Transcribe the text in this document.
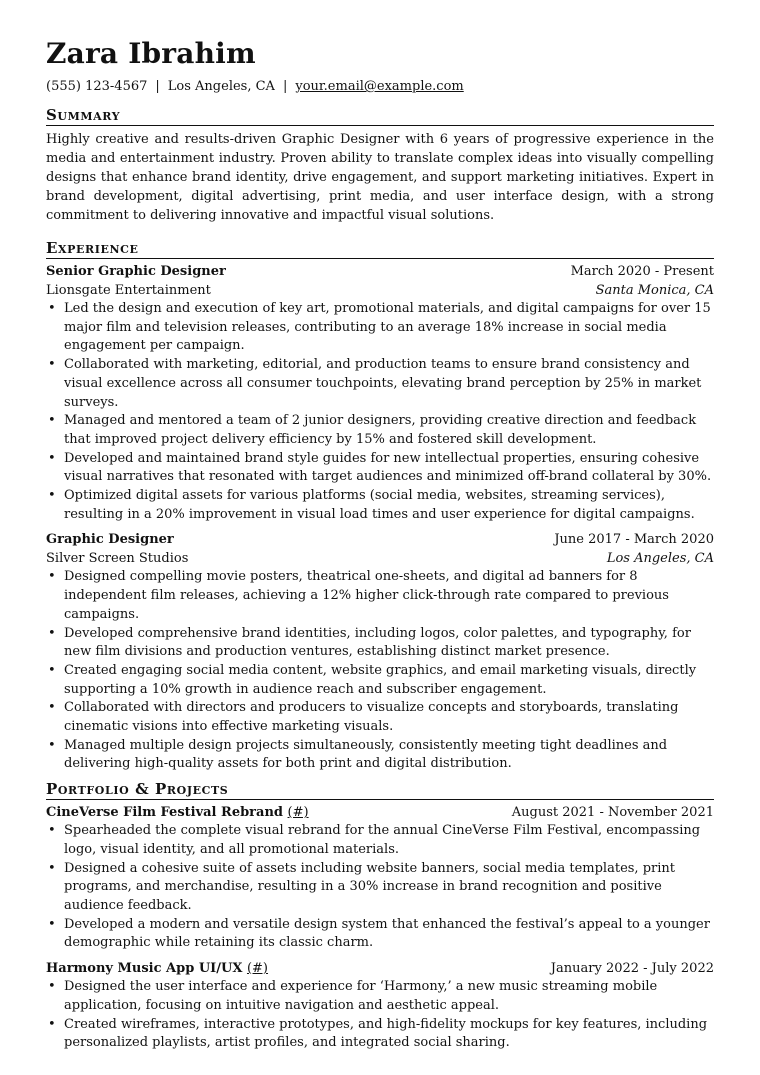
Zara Ibrahim
(555) 123-4567 | Los Angeles, CA | your.email@example.com
Summary
Highly creative and results-driven Graphic Designer with 6 years of progressive experience in the media and entertainment industry. Proven ability to translate complex ideas into visually compelling designs that enhance brand identity, drive engagement, and support marketing initiatives. Expert in brand development, digital advertising, print media, and user interface design, with a strong commitment to delivering innovative and impactful visual solutions.
Experience
Senior Graphic Designer	March 2020 - Present
Lionsgate Entertainment	Santa Monica, CA
• Led the design and execution of key art, promotional materials, and digital campaigns for over 15 major film and television releases, contributing to an average 18% increase in social media engagement per campaign.
• Collaborated with marketing, editorial, and production teams to ensure brand consistency and visual excellence across all consumer touchpoints, elevating brand perception by 25% in market surveys.
• Managed and mentored a team of 2 junior designers, providing creative direction and feedback that improved project delivery efficiency by 15% and fostered skill development.
• Developed and maintained brand style guides for new intellectual properties, ensuring cohesive visual narratives that resonated with target audiences and minimized off-brand collateral by 30%.
• Optimized digital assets for various platforms (social media, websites, streaming services), resulting in a 20% improvement in visual load times and user experience for digital campaigns.
Graphic Designer	June 2017 - March 2020
Silver Screen Studios	Los Angeles, CA
• Designed compelling movie posters, theatrical one-sheets, and digital ad banners for 8 independent film releases, achieving a 12% higher click-through rate compared to previous campaigns.
• Developed comprehensive brand identities, including logos, color palettes, and typography, for new film divisions and production ventures, establishing distinct market presence.
• Created engaging social media content, website graphics, and email marketing visuals, directly supporting a 10% growth in audience reach and subscriber engagement.
• Collaborated with directors and producers to visualize concepts and storyboards, translating cinematic visions into effective marketing visuals.
• Managed multiple design projects simultaneously, consistently meeting tight deadlines and delivering high-quality assets for both print and digital distribution.
Portfolio & Projects
CineVerse Film Festival Rebrand (#)	August 2021 - November 2021
• Spearheaded the complete visual rebrand for the annual CineVerse Film Festival, encompassing logo, visual identity, and all promotional materials.
• Designed a cohesive suite of assets including website banners, social media templates, print programs, and merchandise, resulting in a 30% increase in brand recognition and positive audience feedback.
• Developed a modern and versatile design system that enhanced the festival’s appeal to a younger demographic while retaining its classic charm.
Harmony Music App UI/UX (#)	January 2022 - July 2022
• Designed the user interface and experience for ‘Harmony,’ a new music streaming mobile application, focusing on intuitive navigation and aesthetic appeal.
• Created wireframes, interactive prototypes, and high-fidelity mockups for key features, including personalized playlists, artist profiles, and integrated social sharing.
